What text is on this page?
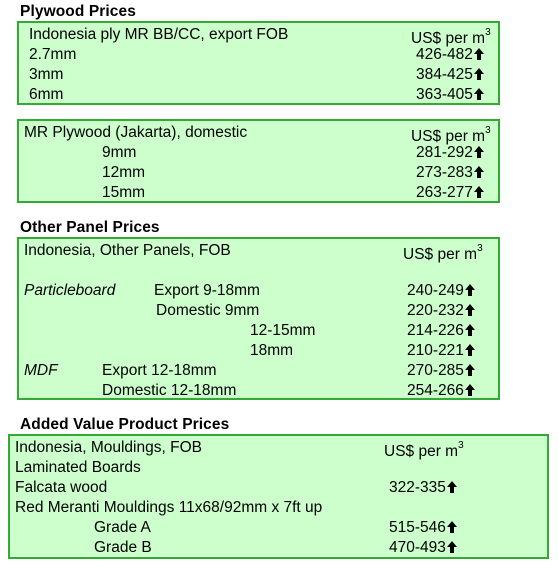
Plywood Prices
Indonesia ply MR BB/CC, export FOB	US$ per $m^3$
2.7mm	426-482
3mm	384-425
6mm	363-405
MR Plywood (Jakarta), domestic	US$ per $m^3$
9mm	281-292
12mm	273-283
15mm	263-277
Other Panel Prices
Indonesia, Other Panels, FOB	US$ per $m^3$
Particleboard Export 9-18mm	240-249
Domestic 9mm	220-232
12-15mm	214-226
18mm	210-221
MDF	Export 12-18mm	270-285
Domestic 12-18mm	254-266
Added Value Product Prices
Indonesia, Mouldings, FOB	US$ per $m^3$
Laminated Boards
Falcata wood	322-335
Red Meranti Mouldings 11x68/92mm x 7ft up
Grade A	515-546
Grade B	470-493
